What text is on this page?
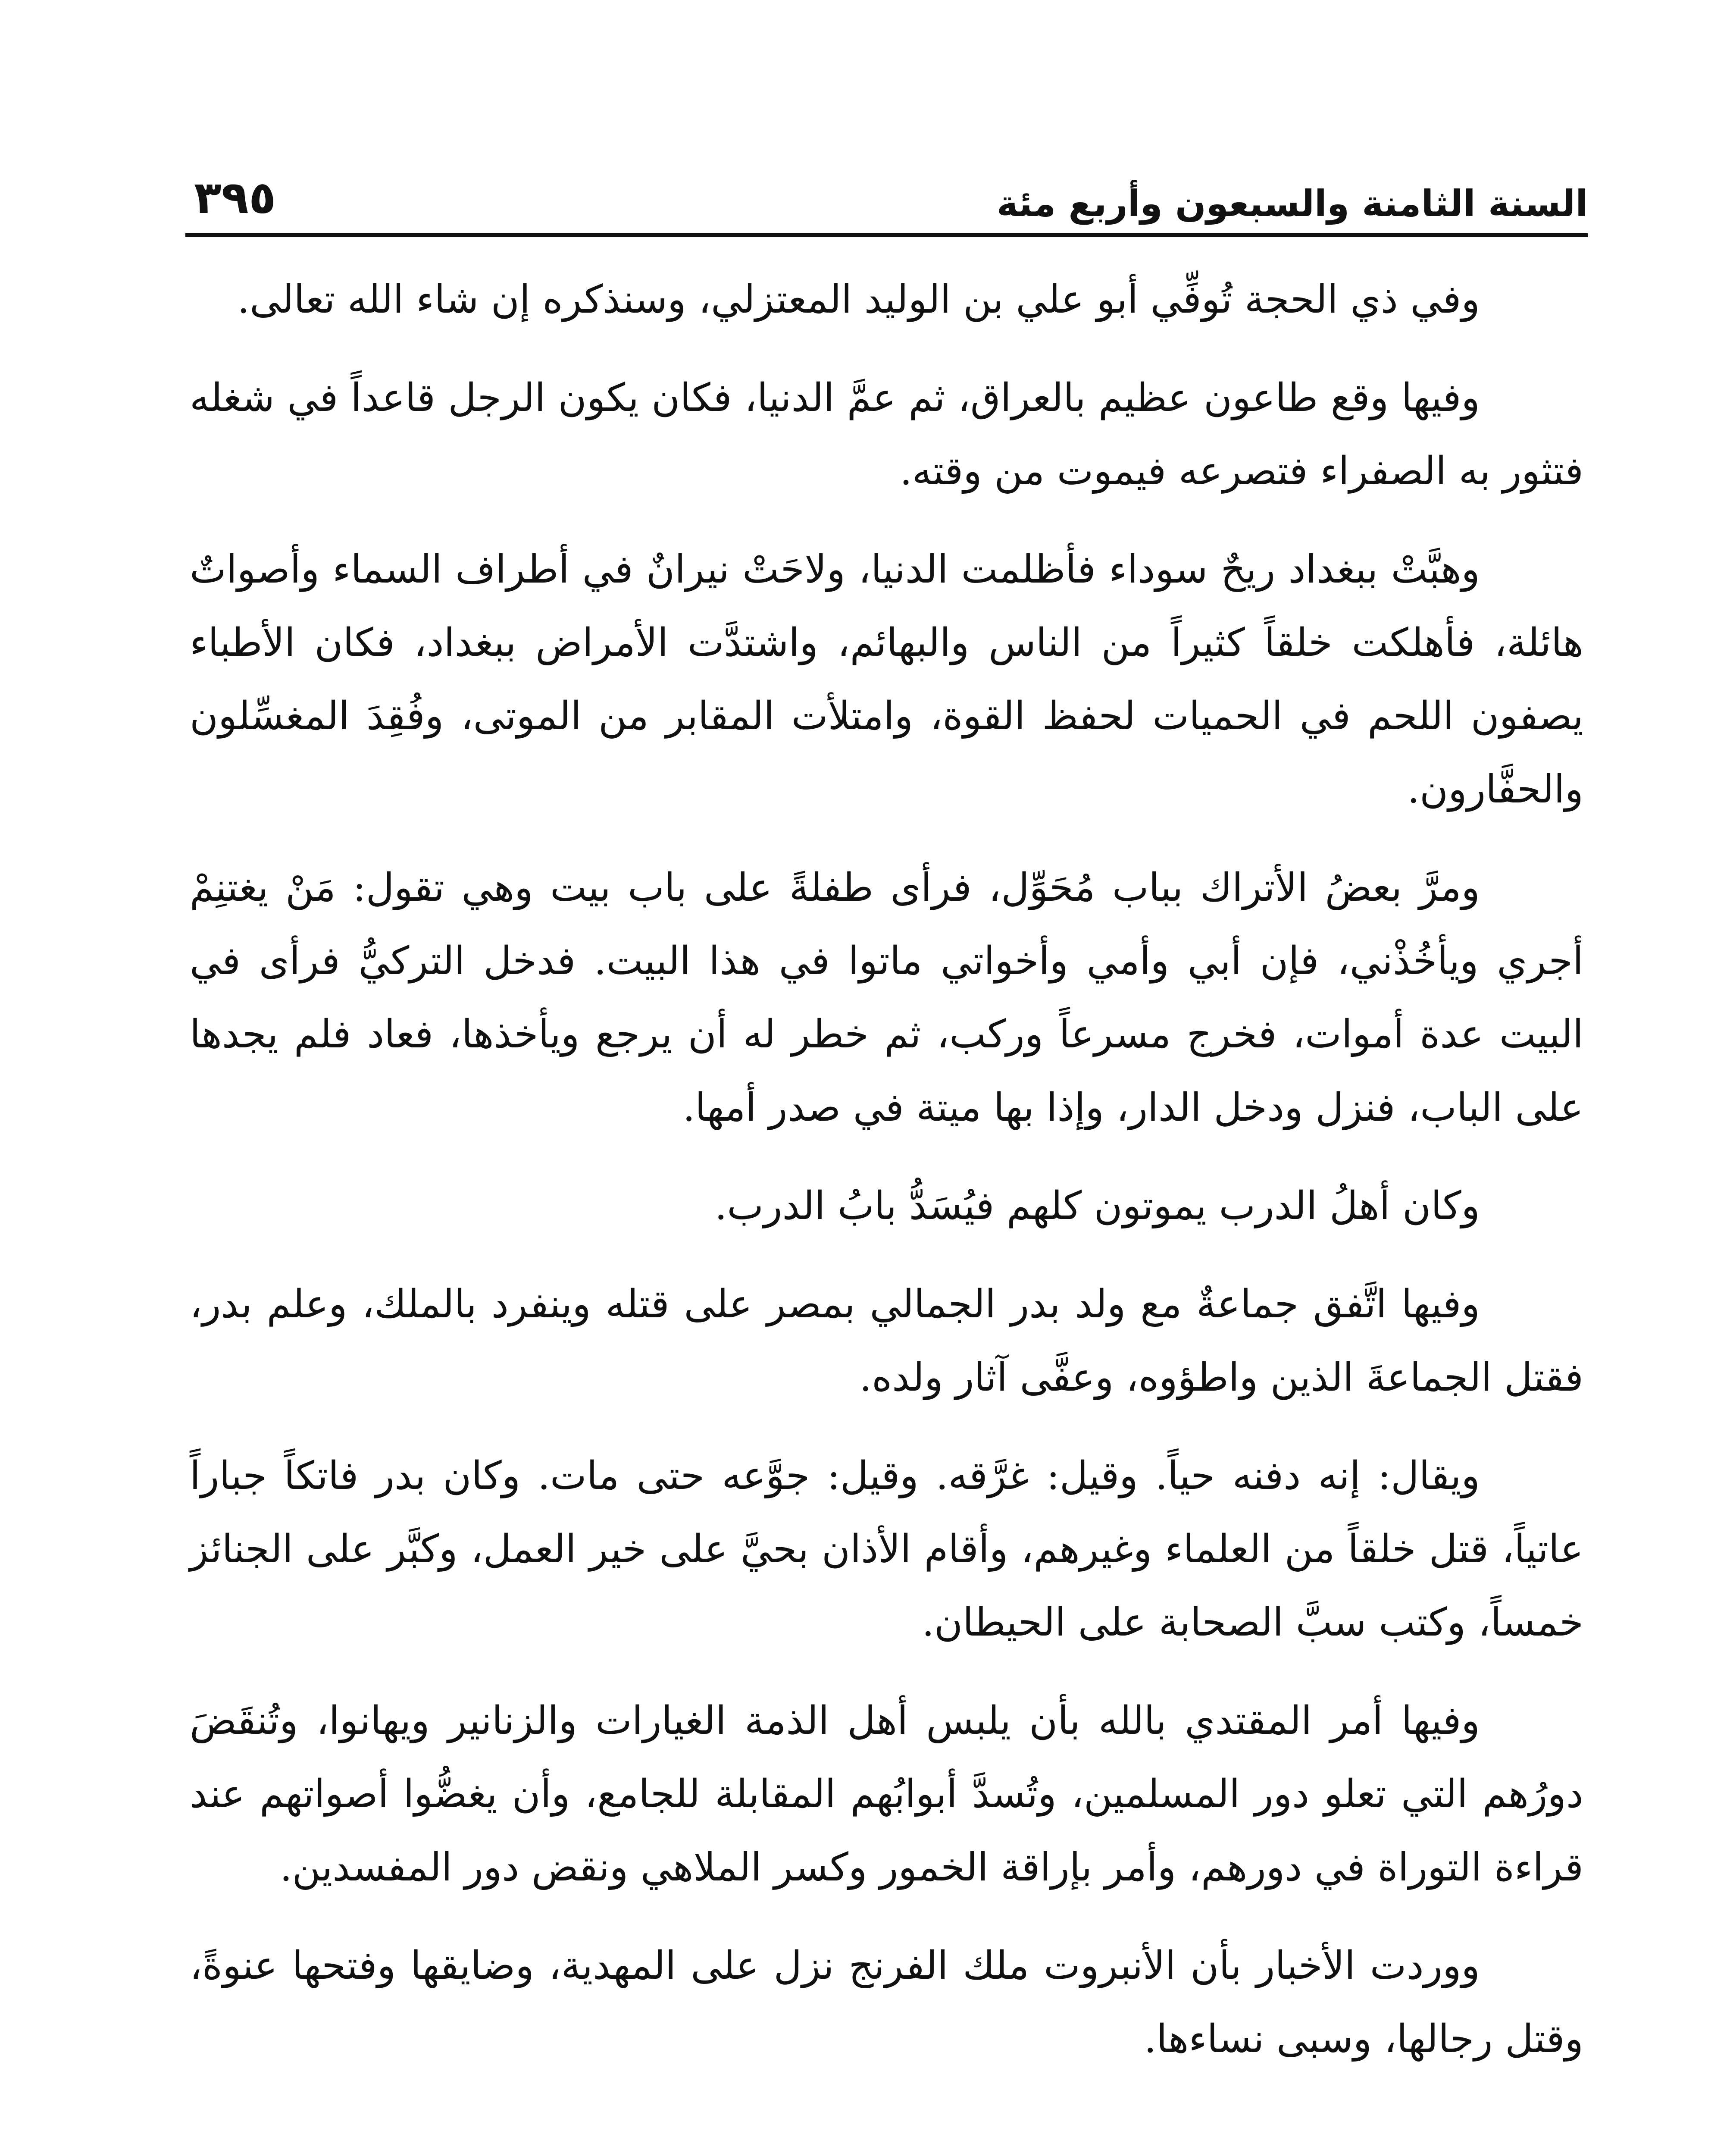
السنة الثامنة والسبعون وأربع مئة
٣٩٥

وفي ذي الحجة تُوفِّي أبو علي بن الوليد المعتزلي، وسنذكره إن شاء الله تعالى.

وفيها وقع طاعون عظيم بالعراق، ثم عمَّ الدنيا، فكان يكون الرجل قاعداً في شغله فتثور به الصفراء فتصرعه فيموت من وقته.

وهبَّتْ ببغداد ريحٌ سوداء فأظلمت الدنيا، ولاحَتْ نيرانٌ في أطراف السماء وأصواتٌ هائلة، فأهلكت خلقاً كثيراً من الناس والبهائم، واشتدَّت الأمراض ببغداد، فكان الأطباء يصفون اللحم في الحميات لحفظ القوة، وامتلأت المقابر من الموتى، وفُقِدَ المغسِّلون والحفَّارون.

ومرَّ بعضُ الأتراك بباب مُحَوِّل، فرأى طفلةً على باب بيت وهي تقول: مَنْ يغتنِمْ أجري ويأخُذْني، فإن أبي وأمي وأخواتي ماتوا في هذا البيت. فدخل التركيُّ فرأى في البيت عدة أموات، فخرج مسرعاً وركب، ثم خطر له أن يرجع ويأخذها، فعاد فلم يجدها على الباب، فنزل ودخل الدار، وإذا بها ميتة في صدر أمها.

وكان أهلُ الدرب يموتون كلهم فيُسَدُّ بابُ الدرب.

وفيها اتَّفق جماعةٌ مع ولد بدر الجمالي بمصر على قتله وينفرد بالملك، وعلم بدر، فقتل الجماعةَ الذين واطؤوه، وعفَّى آثار ولده.

ويقال: إنه دفنه حياً. وقيل: غرَّقه. وقيل: جوَّعه حتى مات. وكان بدر فاتكاً جباراً عاتياً، قتل خلقاً من العلماء وغيرهم، وأقام الأذان بحيَّ على خير العمل، وكبَّر على الجنائز خمساً، وكتب سبَّ الصحابة على الحيطان.

وفيها أمر المقتدي بالله بأن يلبس أهل الذمة الغيارات والزنانير ويهانوا، وتُنقَضَ دورُهم التي تعلو دور المسلمين، وتُسدَّ أبوابُهم المقابلة للجامع، وأن يغضُّوا أصواتهم عند قراءة التوراة في دورهم، وأمر بإراقة الخمور وكسر الملاهي ونقض دور المفسدين.

ووردت الأخبار بأن الأنبروت ملك الفرنج نزل على المهدية، وضايقها وفتحها عنوةً، وقتل رجالها، وسبى نساءها.
